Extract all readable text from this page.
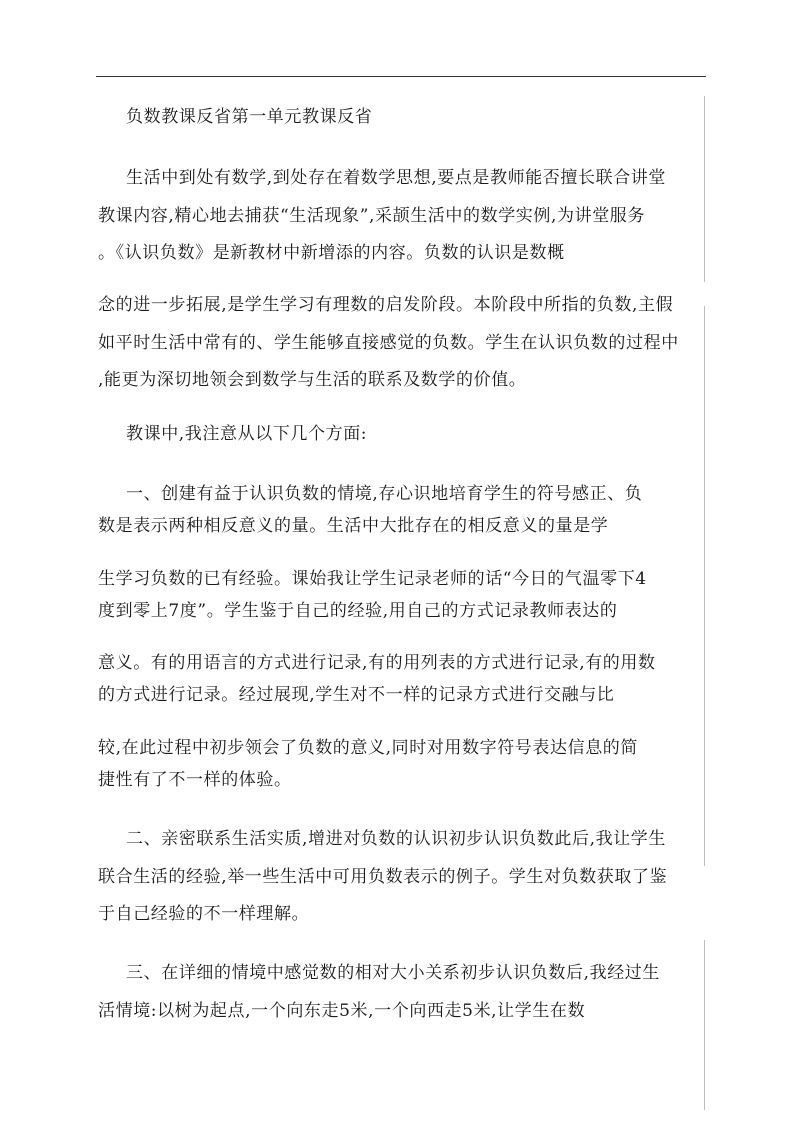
负数教课反省第一单元教课反省
生活中到处有数学,到处存在着数学思想,要点是教师能否擅长联合讲堂
教课内容,精心地去捕获“生活现象”,采颉生活中的数学实例,为讲堂服务
。《认识负数》是新教材中新增添的内容。负数的认识是数概
念的进一步拓展,是学生学习有理数的启发阶段。本阶段中所指的负数,主假
如平时生活中常有的、学生能够直接感觉的负数。学生在认识负数的过程中
,能更为深切地领会到数学与生活的联系及数学的价值。
教课中,我注意从以下几个方面:
一、创建有益于认识负数的情境,存心识地培育学生的符号感正、负
数是表示两种相反意义的量。生活中大批存在的相反意义的量是学
生学习负数的已有经验。课始我让学生记录老师的话“今日的气温零下4
度到零上7度”。学生鉴于自己的经验,用自己的方式记录教师表达的
意义。有的用语言的方式进行记录,有的用列表的方式进行记录,有的用数
的方式进行记录。经过展现,学生对不一样的记录方式进行交融与比
较,在此过程中初步领会了负数的意义,同时对用数字符号表达信息的简
捷性有了不一样的体验。
二、亲密联系生活实质,增进对负数的认识初步认识负数此后,我让学生
联合生活的经验,举一些生活中可用负数表示的例子。学生对负数获取了鉴
于自己经验的不一样理解。
三、在详细的情境中感觉数的相对大小关系初步认识负数后,我经过生
活情境:以树为起点,一个向东走5米,一个向西走5米,让学生在数
